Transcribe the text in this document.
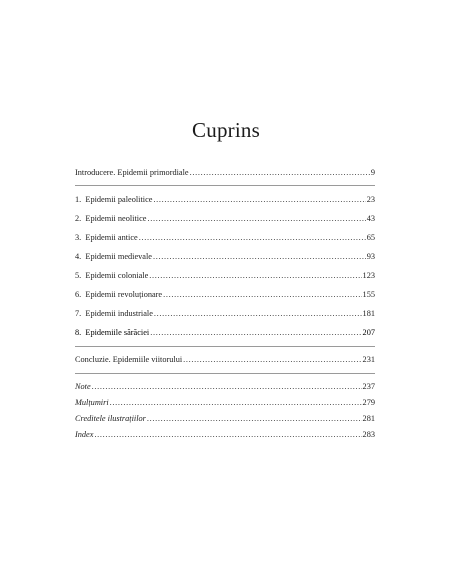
Cuprins
Introducere. Epidemii primordiale . . .	9
1. Epidemii paleolitice . . .	23
2. Epidemii neolitice . . .	43
3. Epidemii antice . . .	65
4. Epidemii medievale . . .	93
5. Epidemii coloniale . . .	123
6. Epidemii revoluționare . . .	155
7. Epidemii industriale . . .	181
8. Epidemiile sărăciei . . .	207
Concluzie. Epidemiile viitorului . . .	231
Note . . .	237
Mulțumiri . . .	279
Creditele ilustrațiilor . . .	281
Index . . .	283
